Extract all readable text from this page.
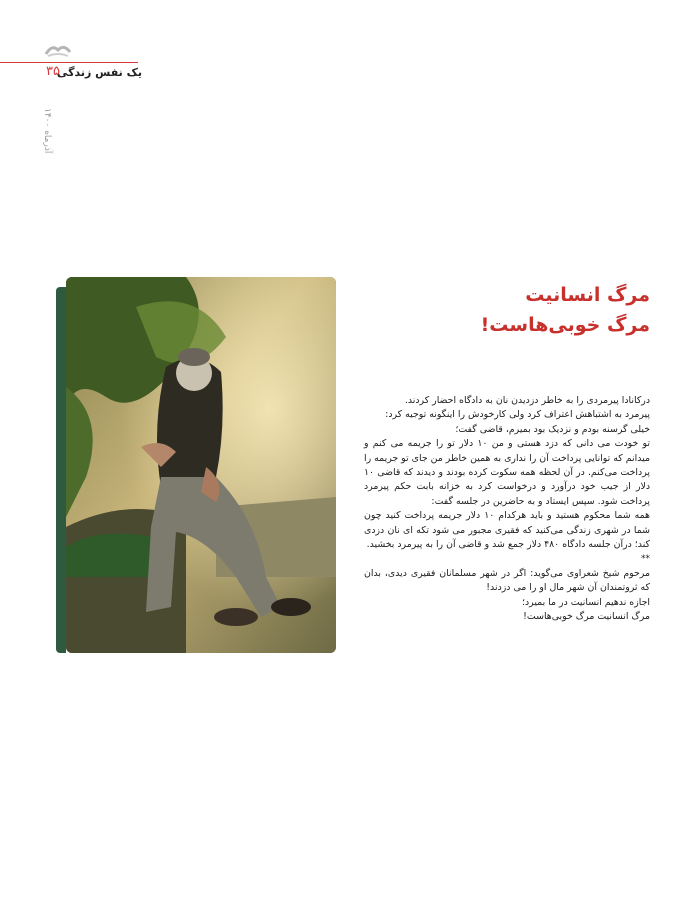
۳۵
یک نفس زندگی
آذرماه ۱۴۰۰
مرگ انسانیت
مرگ خوبی‌هاست!

درکانادا پیرمردی را به خاطر دزدیدن نان به دادگاه احضار کردند.

پیرمرد به اشتباهش اعتراف کرد ولی کارخودش را اینگونه توجیه کرد:

خیلی گرسنه بودم و نزدیک بود بمیرم، قاضی گفت؛

تو خودت می دانی که دزد هستی و من ۱۰ دلار تو را جریمه می کنم و میدانم که توانایی پرداخت آن را نداری به همین خاطر من جای تو جریمه را پرداخت می‌کنم. در آن لحظه همه سکوت کرده بودند و دیدند که قاضی ۱۰ دلار از جیب خود درآورد و درخواست کرد به خزانه بابت حکم پیرمرد پرداخت شود. سپس ایستاد و به حاضرین در جلسه گفت:

همه شما محکوم هستید و باید هرکدام ۱۰ دلار جریمه پرداخت کنید چون شما در شهری زندگی می‌کنید که فقیری مجبور می شود تکه ای نان دزدی کند؛ درآن جلسه دادگاه ۴۸۰ دلار جمع شد و قاضی آن را به پیرمرد بخشید.

**

مرحوم شیخ شعراوی می‌گوید: اگر در شهر مسلمانان فقیری دیدی، بدان که ثروتمندان آن شهر مال او را می دزدند!

اجازه ندهیم انسانیت در ما بمیرد؛

مرگ انسانیت مرگ خوبی‌هاست!
